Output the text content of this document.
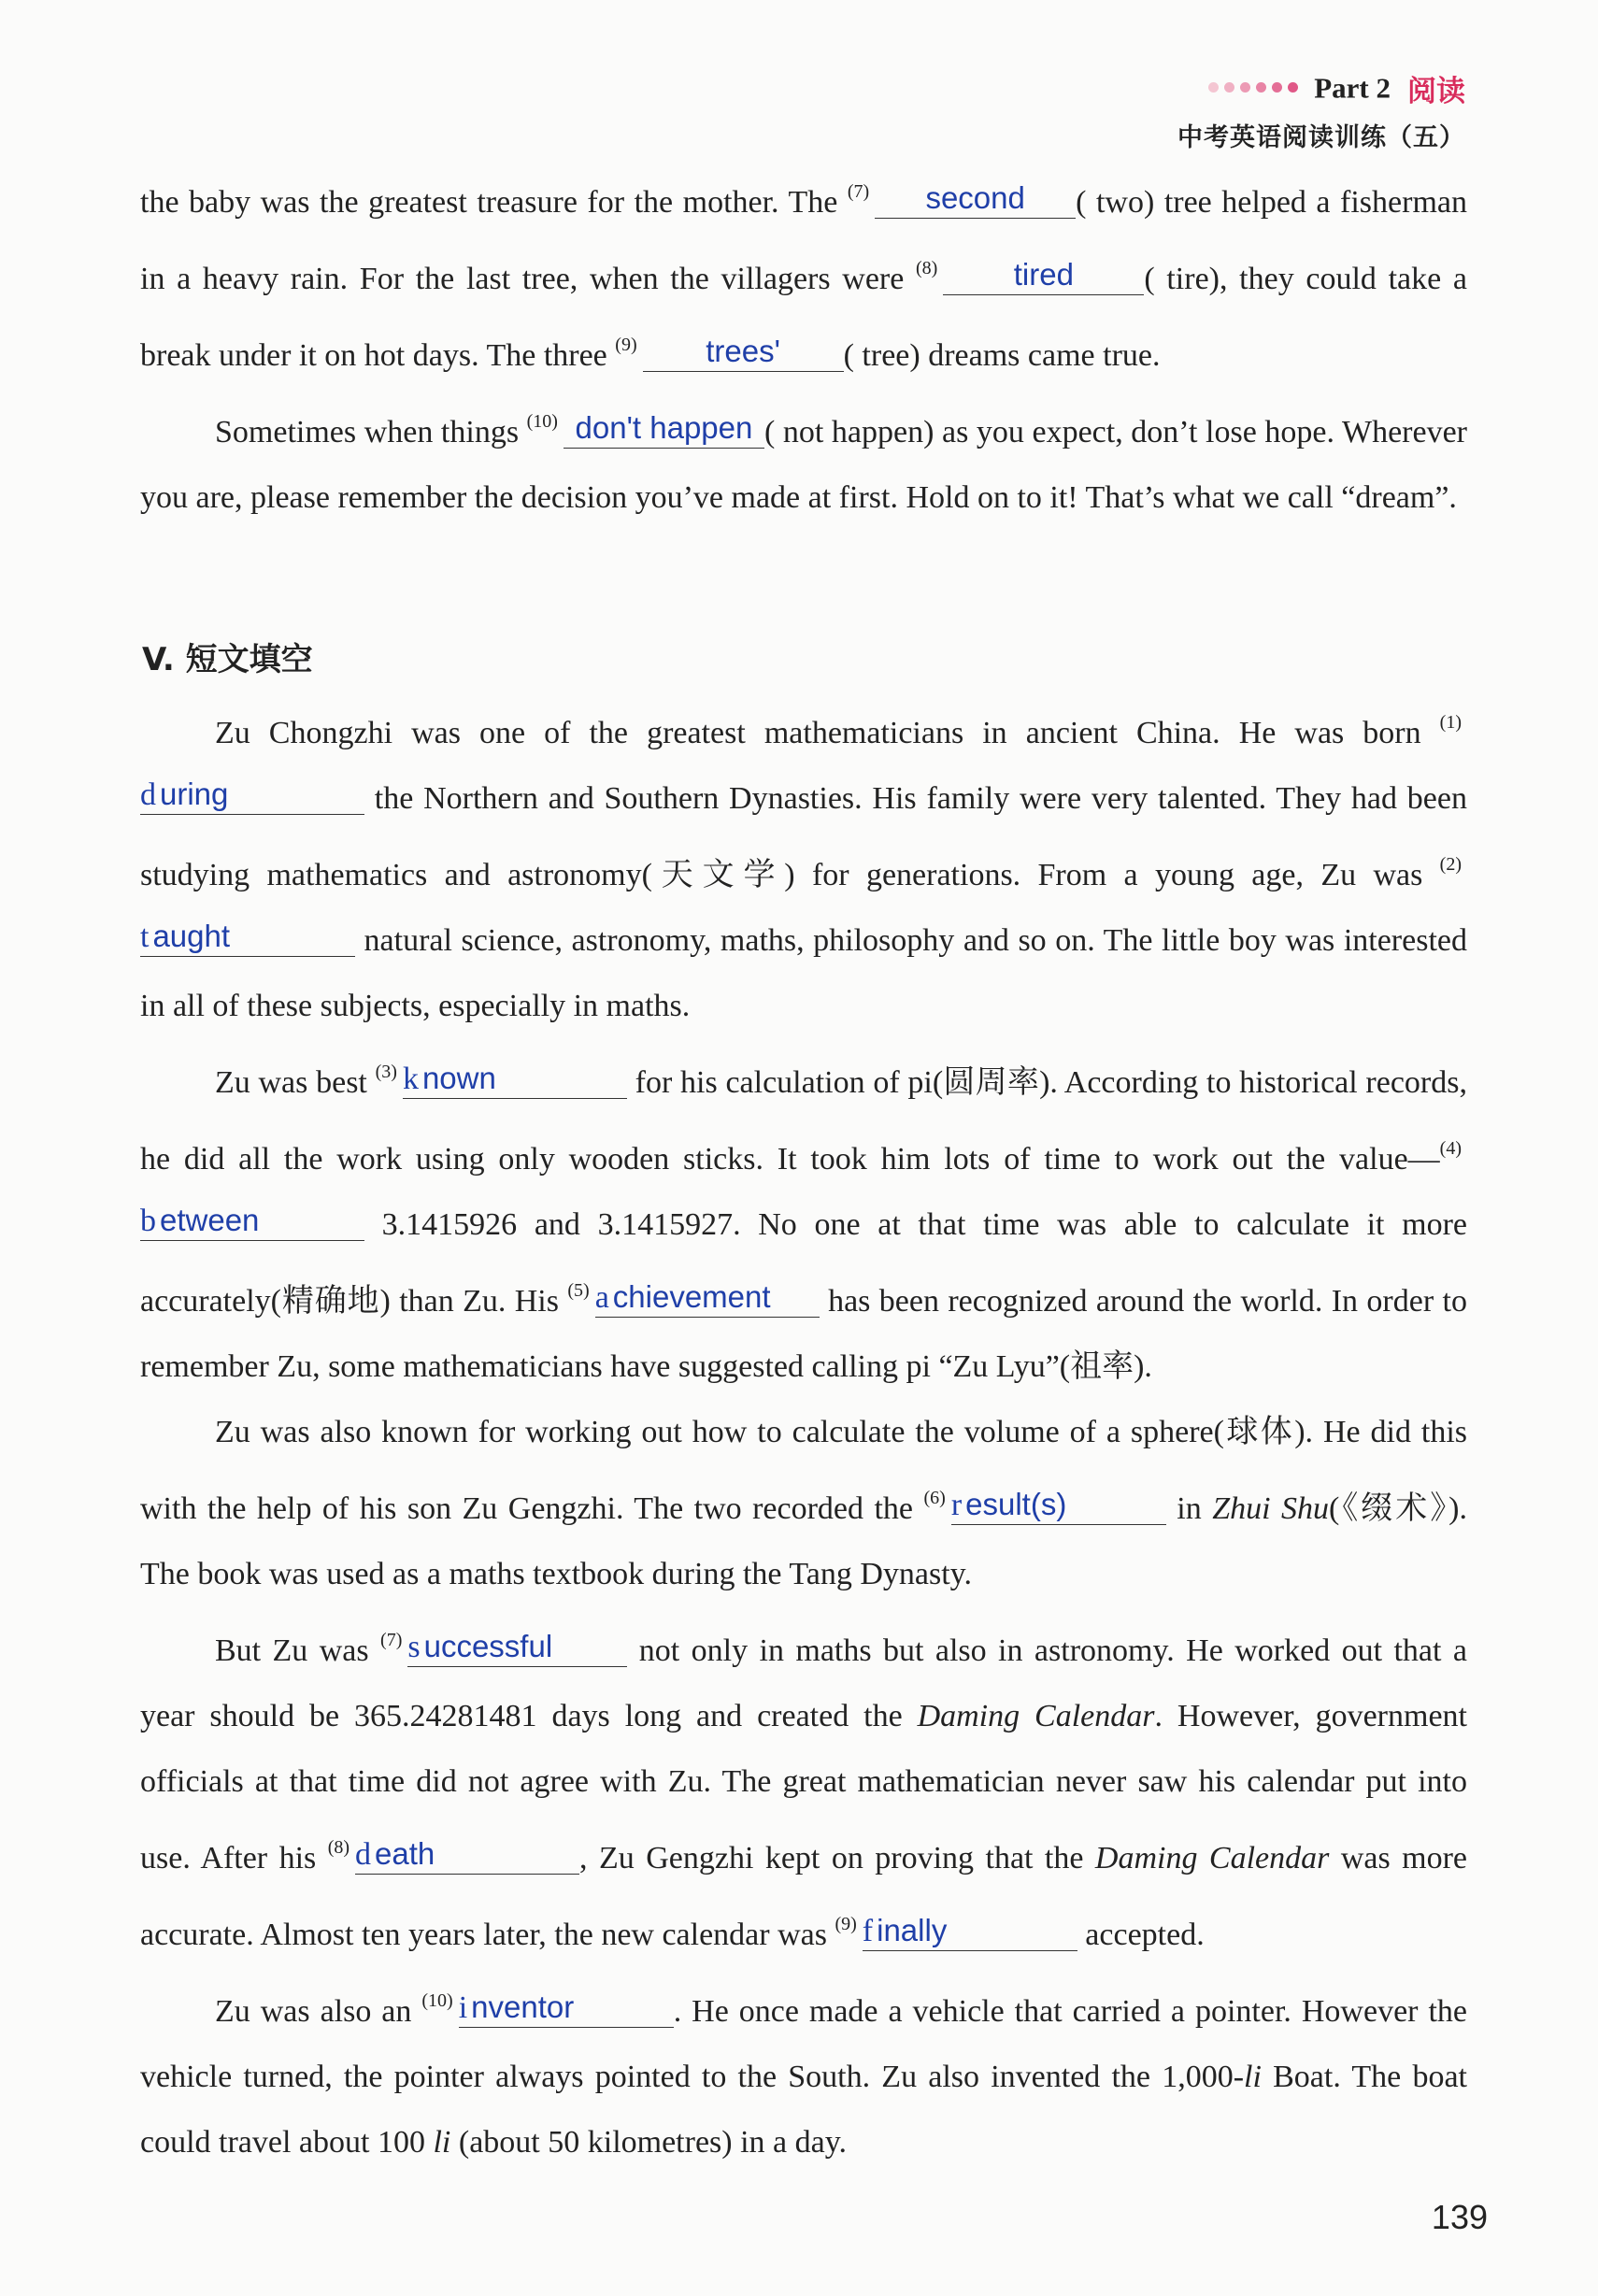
Part 2 阅读
中考英语阅读训练（五）

the baby was the greatest treasure for the mother. The $^{(7)}$ second ( two) tree helped a fisherman in a heavy rain. For the last tree, when the villagers were $^{(8)}$ tired ( tire), they could take a break under it on hot days. The three $^{(9)}$ trees' ( tree) dreams came true.

Sometimes when things $^{(10)}$ don't happen ( not happen) as you expect, don’t lose hope. Wherever you are, please remember the decision you’ve made at first. Hold on to it! That’s what we call “dream”.

V. 短文填空

Zu Chongzhi was one of the greatest mathematicians in ancient China. He was born $^{(1)}$d uring	the Northern and Southern Dynasties. His family were very talented. They had been studying mathematics and astronomy(天文学) for generations. From a young age, Zu was $^{(2)}$t aught	natural science, astronomy, maths, philosophy and so on. The little boy was interested in all of these subjects, especially in maths.

Zu was best $^{(3)}$ k nown	for his calculation of pi(圆周率). According to historical records, he did all the work using only wooden sticks. It took him lots of time to work out the value—$^{(4)}$b etween	3.1415926 and 3.1415927. No one at that time was able to calculate it more accurately(精确地) than Zu. His $^{(5)}$ a chievement has been recognized around the world. In order to remember Zu, some mathematicians have suggested calling pi “Zu Lyu”(祖率).

Zu was also known for working out how to calculate the volume of a sphere(球体). He did this with the help of his son Zu Gengzhi. The two recorded the $^{(6)}$ r esult(s)	in Zhui Shu(《缀术》). The book was used as a maths textbook during the Tang Dynasty.

But Zu was $^{(7)}$ s uccessful not only in maths but also in astronomy. He worked out that a year should be 365.24281481 days long and created the Daming Calendar. However, government officials at that time did not agree with Zu. The great mathematician never saw his calendar put into use. After his $^{(8)}$ d eath	, Zu Gengzhi kept on proving that the Daming Calendar was more accurate. Almost ten years later, the new calendar was $^{(9)}$ f inally	accepted.

Zu was also an $^{(10)}$ i nventor	. He once made a vehicle that carried a pointer. However the vehicle turned, the pointer always pointed to the South. Zu also invented the 1,000-li Boat. The boat could travel about 100 li (about 50 kilometres) in a day.

139
